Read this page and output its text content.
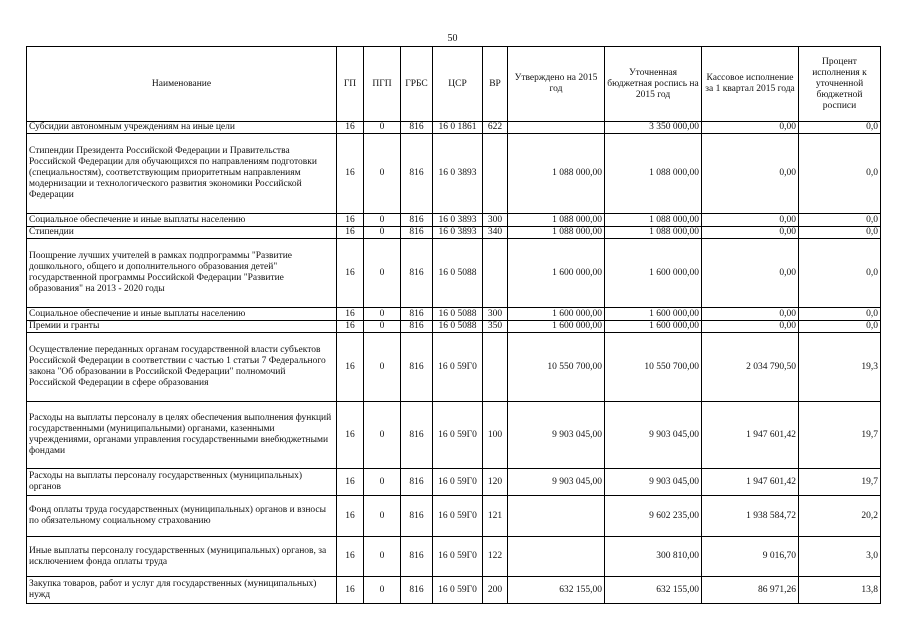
50
Наименование	ГП	ПГП	ГРБС	ЦСР	ВР	Утверждено на 2015 год	Уточненная бюджетная роспись на 2015 год	Кассовое исполнение за 1 квартал 2015 года	Процент исполнения к уточненной бюджетной росписи
Субсидии автономным учреждениям на иные цели	16	0	816	16 0 1861	622		3 350 000,00	0,00	0,0
Стипендии Президента Российской Федерации и Правительства Российской Федерации для обучающихся по направлениям подготовки (специальностям), соответствующим приоритетным направлениям модернизации и технологического развития экономики Российской Федерации	16	0	816	16 0 3893		1 088 000,00	1 088 000,00	0,00	0,0
Социальное обеспечение и иные выплаты населению	16	0	816	16 0 3893	300	1 088 000,00	1 088 000,00	0,00	0,0
Стипендии	16	0	816	16 0 3893	340	1 088 000,00	1 088 000,00	0,00	0,0
Поощрение лучших учителей в рамках подпрограммы "Развитие дошкольного, общего и дополнительного образования детей" государственной программы Российской Федерации "Развитие образования" на 2013 - 2020 годы	16	0	816	16 0 5088		1 600 000,00	1 600 000,00	0,00	0,0
Социальное обеспечение и иные выплаты населению	16	0	816	16 0 5088	300	1 600 000,00	1 600 000,00	0,00	0,0
Премии и гранты	16	0	816	16 0 5088	350	1 600 000,00	1 600 000,00	0,00	0,0
Осуществление переданных органам государственной власти субъектов Российской Федерации в соответствии с частью 1 статьи 7 Федерального закона "Об образовании в Российской Федерации" полномочий Российской Федерации в сфере образования	16	0	816	16 0 59Г0		10 550 700,00	10 550 700,00	2 034 790,50	19,3
Расходы на выплаты персоналу в целях обеспечения выполнения функций государственными (муниципальными) органами, казенными учреждениями, органами управления государственными внебюджетными фондами	16	0	816	16 0 59Г0	100	9 903 045,00	9 903 045,00	1 947 601,42	19,7
Расходы на выплаты персоналу государственных (муниципальных) органов	16	0	816	16 0 59Г0	120	9 903 045,00	9 903 045,00	1 947 601,42	19,7
Фонд оплаты труда государственных (муниципальных) органов и взносы по обязательному социальному страхованию	16	0	816	16 0 59Г0	121		9 602 235,00	1 938 584,72	20,2
Иные выплаты персоналу государственных (муниципальных) органов, за исключением фонда оплаты труда	16	0	816	16 0 59Г0	122		300 810,00	9 016,70	3,0
Закупка товаров, работ и услуг для государственных (муниципальных) нужд	16	0	816	16 0 59Г0	200	632 155,00	632 155,00	86 971,26	13,8
